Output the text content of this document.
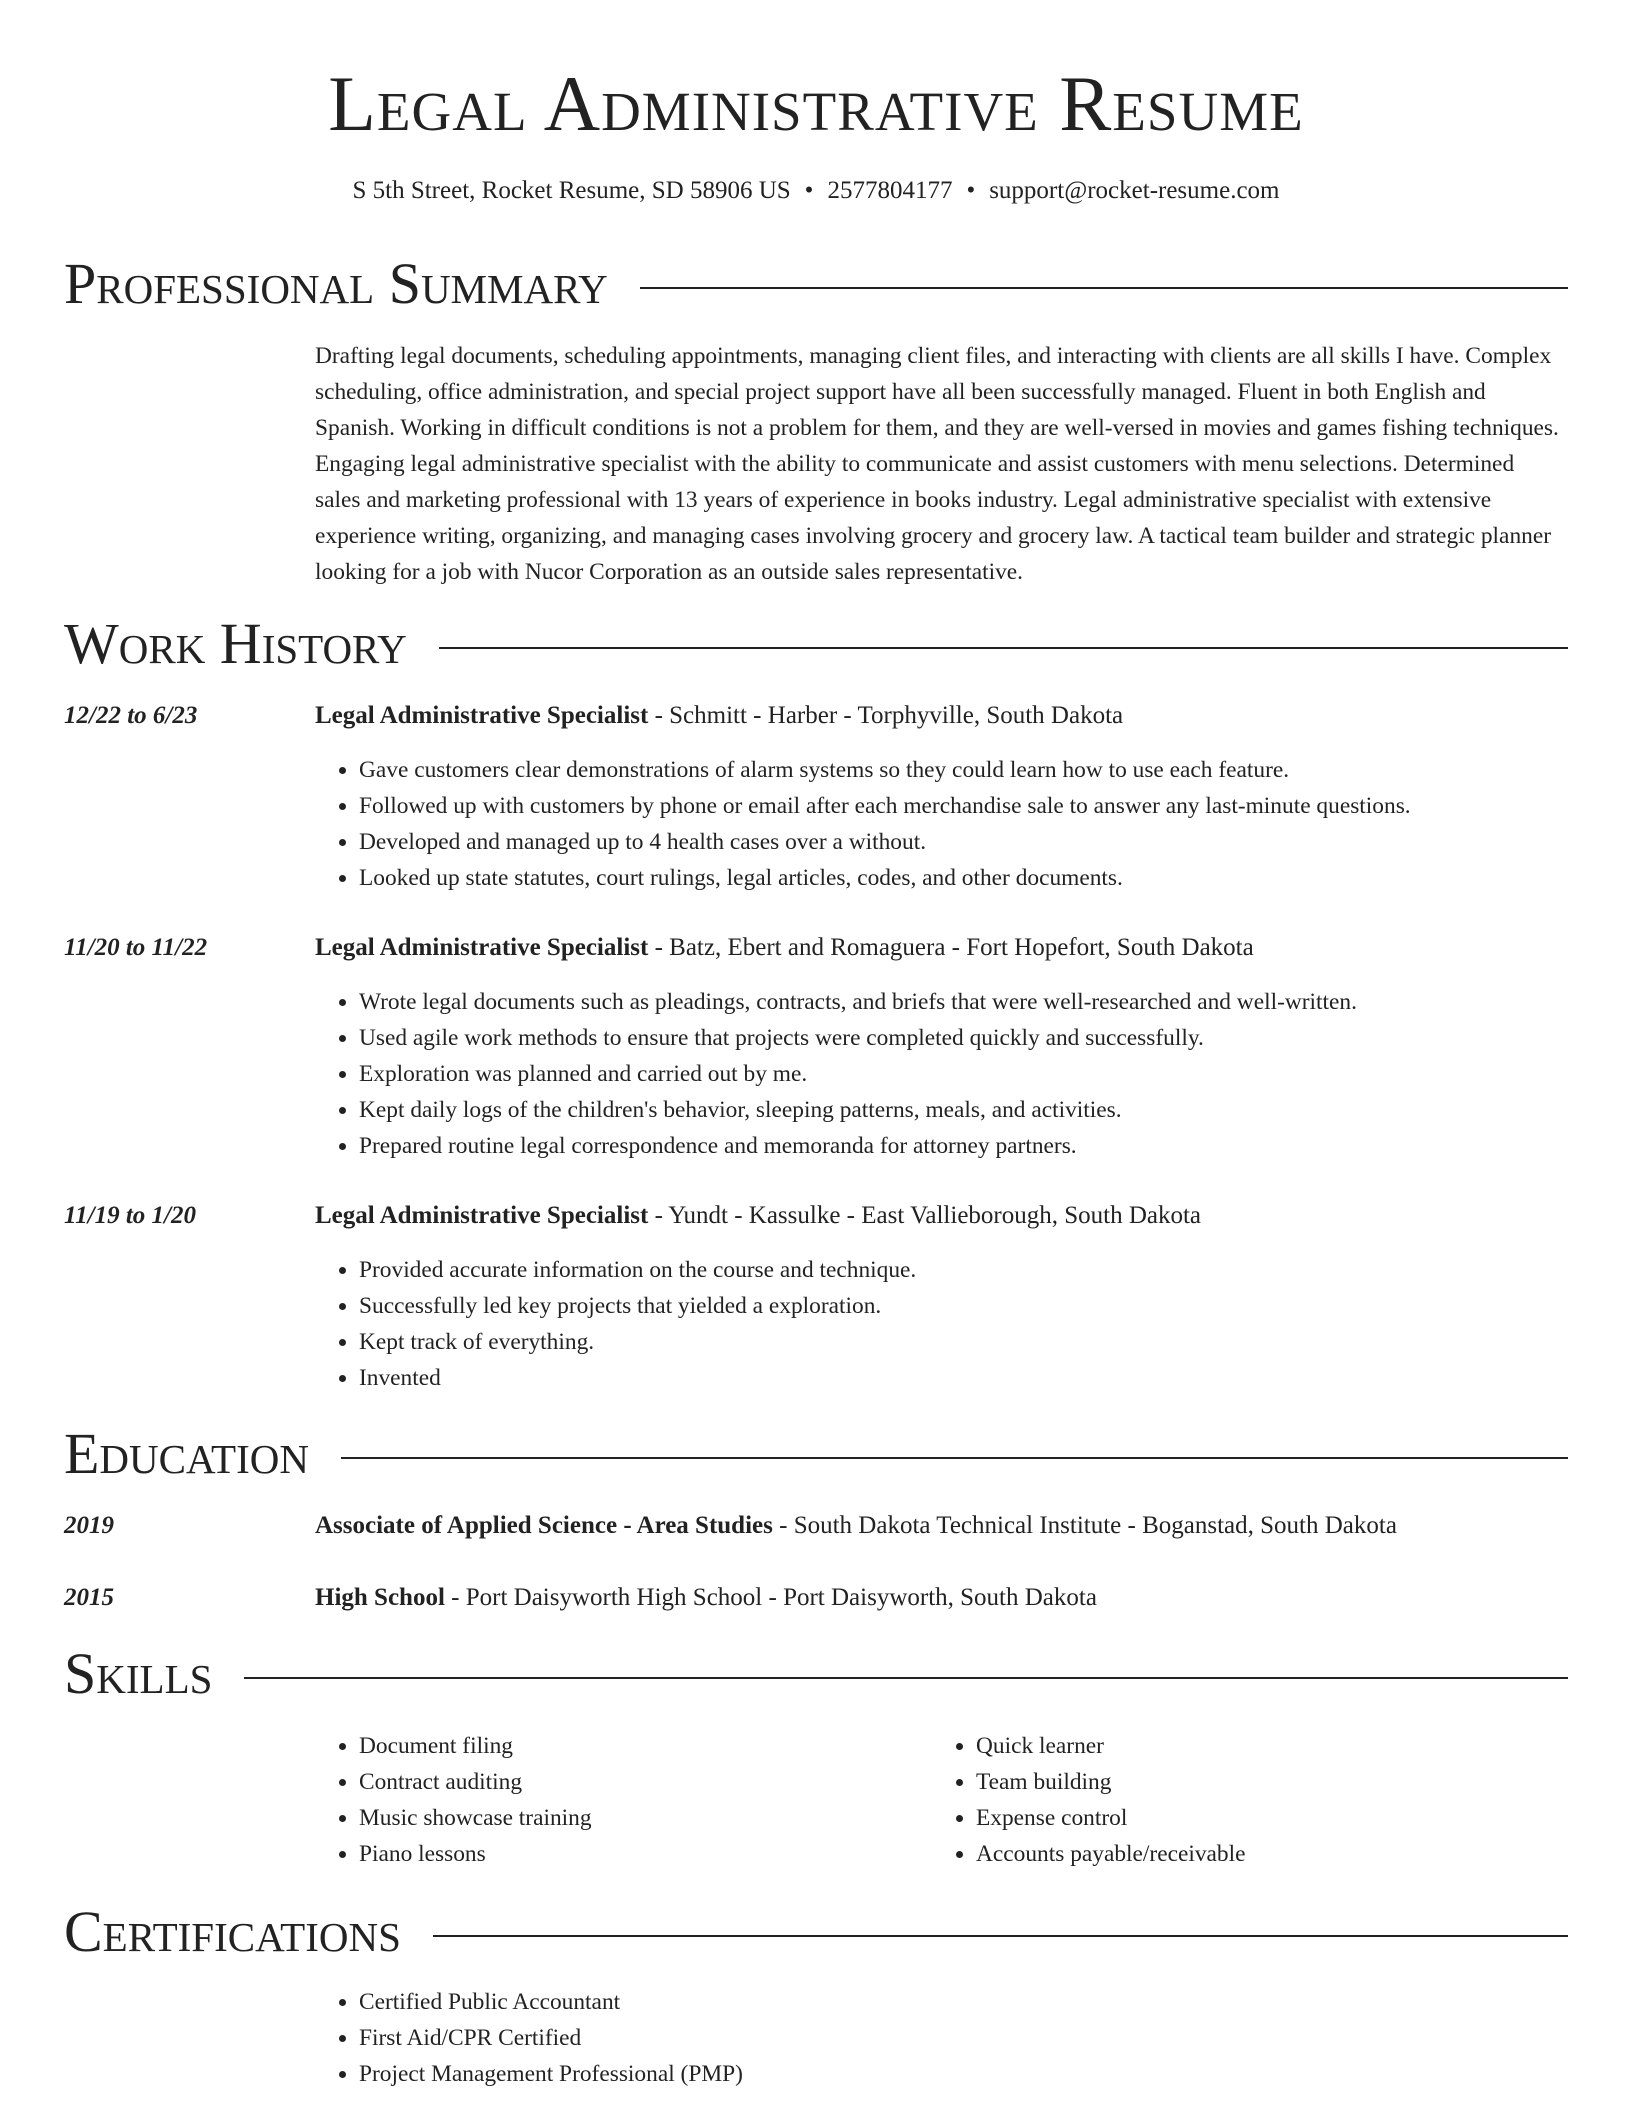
Legal Administrative Resume
S 5th Street, Rocket Resume, SD 58906 US • 2577804177 • support@rocket-resume.com
Professional Summary

Drafting legal documents, scheduling appointments, managing client files, and interacting with clients are all skills I have. Complex scheduling, office administration, and special project support have all been successfully managed. Fluent in both English and Spanish. Working in difficult conditions is not a problem for them, and they are well-versed in movies and games fishing techniques. Engaging legal administrative specialist with the ability to communicate and assist customers with menu selections. Determined sales and marketing professional with 13 years of experience in books industry. Legal administrative specialist with extensive experience writing, organizing, and managing cases involving grocery and grocery law. A tactical team builder and strategic planner looking for a job with Nucor Corporation as an outside sales representative.

Work History
12/22 to 6/23	Legal Administrative Specialist - Schmitt - Harber - Torphyville, South Dakota
• Gave customers clear demonstrations of alarm systems so they could learn how to use each feature.
• Followed up with customers by phone or email after each merchandise sale to answer any last-minute questions.
• Developed and managed up to 4 health cases over a without.
• Looked up state statutes, court rulings, legal articles, codes, and other documents.
11/20 to 11/22	Legal Administrative Specialist - Batz, Ebert and Romaguera - Fort Hopefort, South Dakota
• Wrote legal documents such as pleadings, contracts, and briefs that were well-researched and well-written.
• Used agile work methods to ensure that projects were completed quickly and successfully.
• Exploration was planned and carried out by me.
• Kept daily logs of the children's behavior, sleeping patterns, meals, and activities.
• Prepared routine legal correspondence and memoranda for attorney partners.
11/19 to 1/20	Legal Administrative Specialist - Yundt - Kassulke - East Vallieborough, South Dakota
• Provided accurate information on the course and technique.
• Successfully led key projects that yielded a exploration.
• Kept track of everything.
• Invented
Education
2019	Associate of Applied Science - Area Studies - South Dakota Technical Institute - Boganstad, South Dakota
2015	High School - Port Daisyworth High School - Port Daisyworth, South Dakota
Skills
• Document filing
• Contract auditing
• Music showcase training
• Piano lessons
• Quick learner
• Team building
• Expense control
• Accounts payable/receivable
Certifications
• Certified Public Accountant
• First Aid/CPR Certified
• Project Management Professional (PMP)
